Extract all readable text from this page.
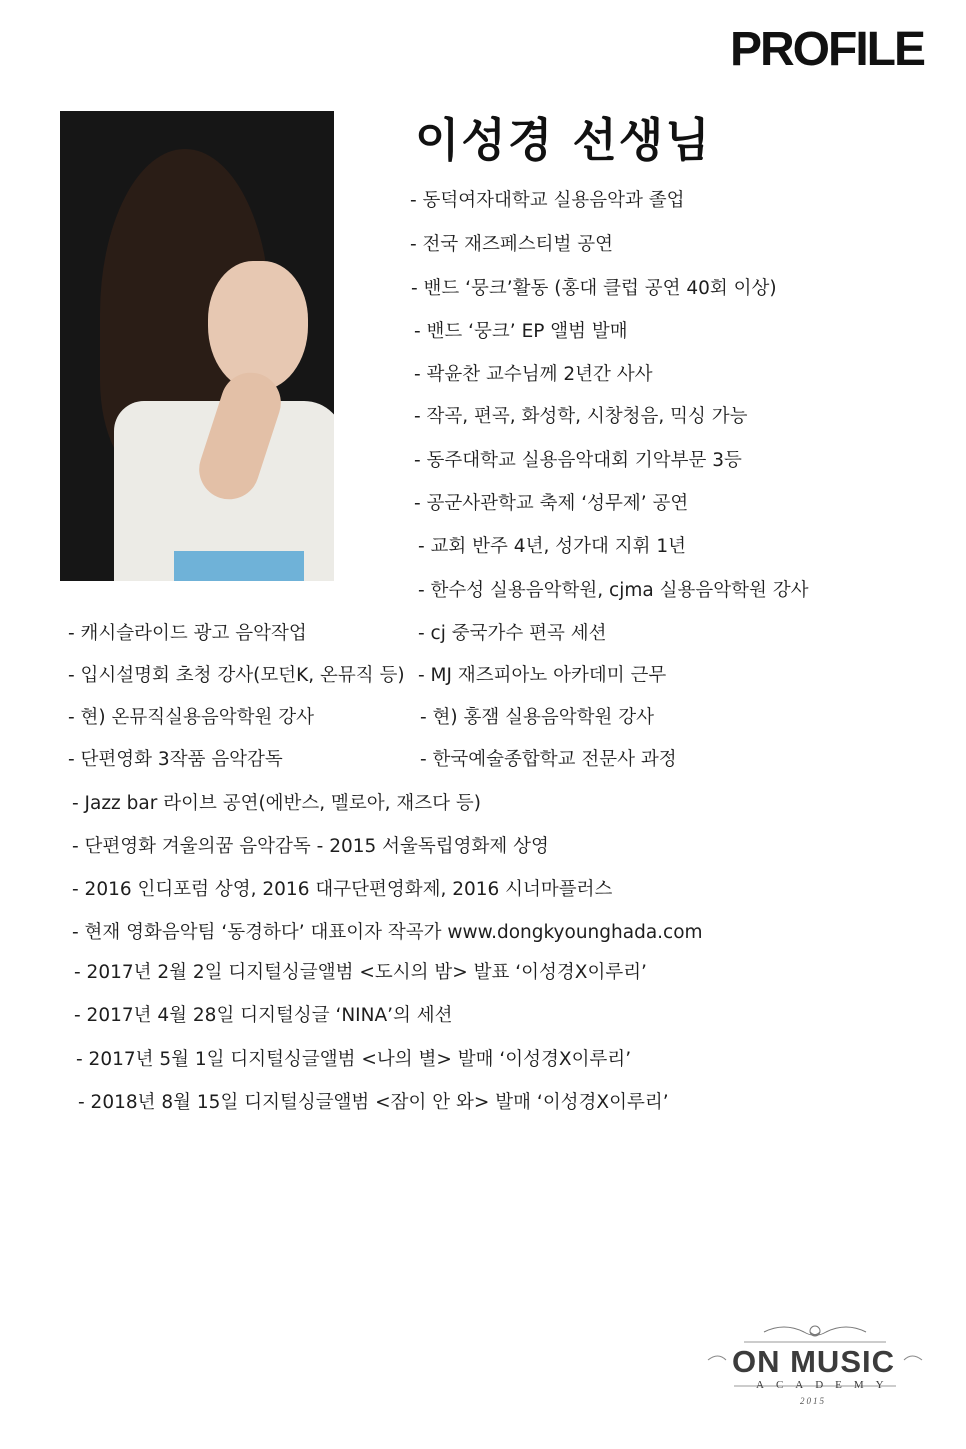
PROFILE
이성경 선생님
- 동덕여자대학교 실용음악과 졸업
- 전국 재즈페스티벌 공연
- 밴드 ‘뭉크’활동 (홍대 클럽 공연 40회 이상)
- 밴드 ‘뭉크’ EP 앨범 발매
- 곽윤찬 교수님께 2년간 사사
- 작곡, 편곡, 화성학, 시창청음, 믹싱 가능
- 동주대학교 실용음악대회 기악부문 3등
- 공군사관학교 축제 ‘성무제’ 공연
- 교회 반주 4년, 성가대 지휘 1년
- 한수성 실용음악학원, cjma 실용음악학원 강사
- 캐시슬라이드 광고 음악작업
- 입시설명회 초청 강사(모던K, 온뮤직 등)
- 현) 온뮤직실용음악학원 강사
- 단편영화 3작품 음악감독
- cj 중국가수 편곡 세션
- MJ 재즈피아노 아카데미 근무
- 현) 홍잼 실용음악학원 강사
- 한국예술종합학교 전문사 과정
- Jazz bar 라이브 공연(에반스, 멜로아, 재즈다 등)
- 단편영화 겨울의꿈 음악감독 - 2015 서울독립영화제 상영
- 2016 인디포럼 상영, 2016 대구단편영화제, 2016 시너마플러스
- 현재 영화음악팀 ‘동경하다’ 대표이자 작곡가 www.dongkyounghada.com
- 2017년 2월 2일 디지털싱글앨범 <도시의 밤> 발표 ‘이성경X이루리’
- 2017년 4월 28일 디지털싱글 ‘NINA’의 세션
- 2017년 5월 1일 디지털싱글앨범 <나의 별> 발매 ‘이성경X이루리’
- 2018년 8월 15일 디지털싱글앨범 <잠이 안 와> 발매 ‘이성경X이루리’
ON MUSIC
ACADEMY
2015
